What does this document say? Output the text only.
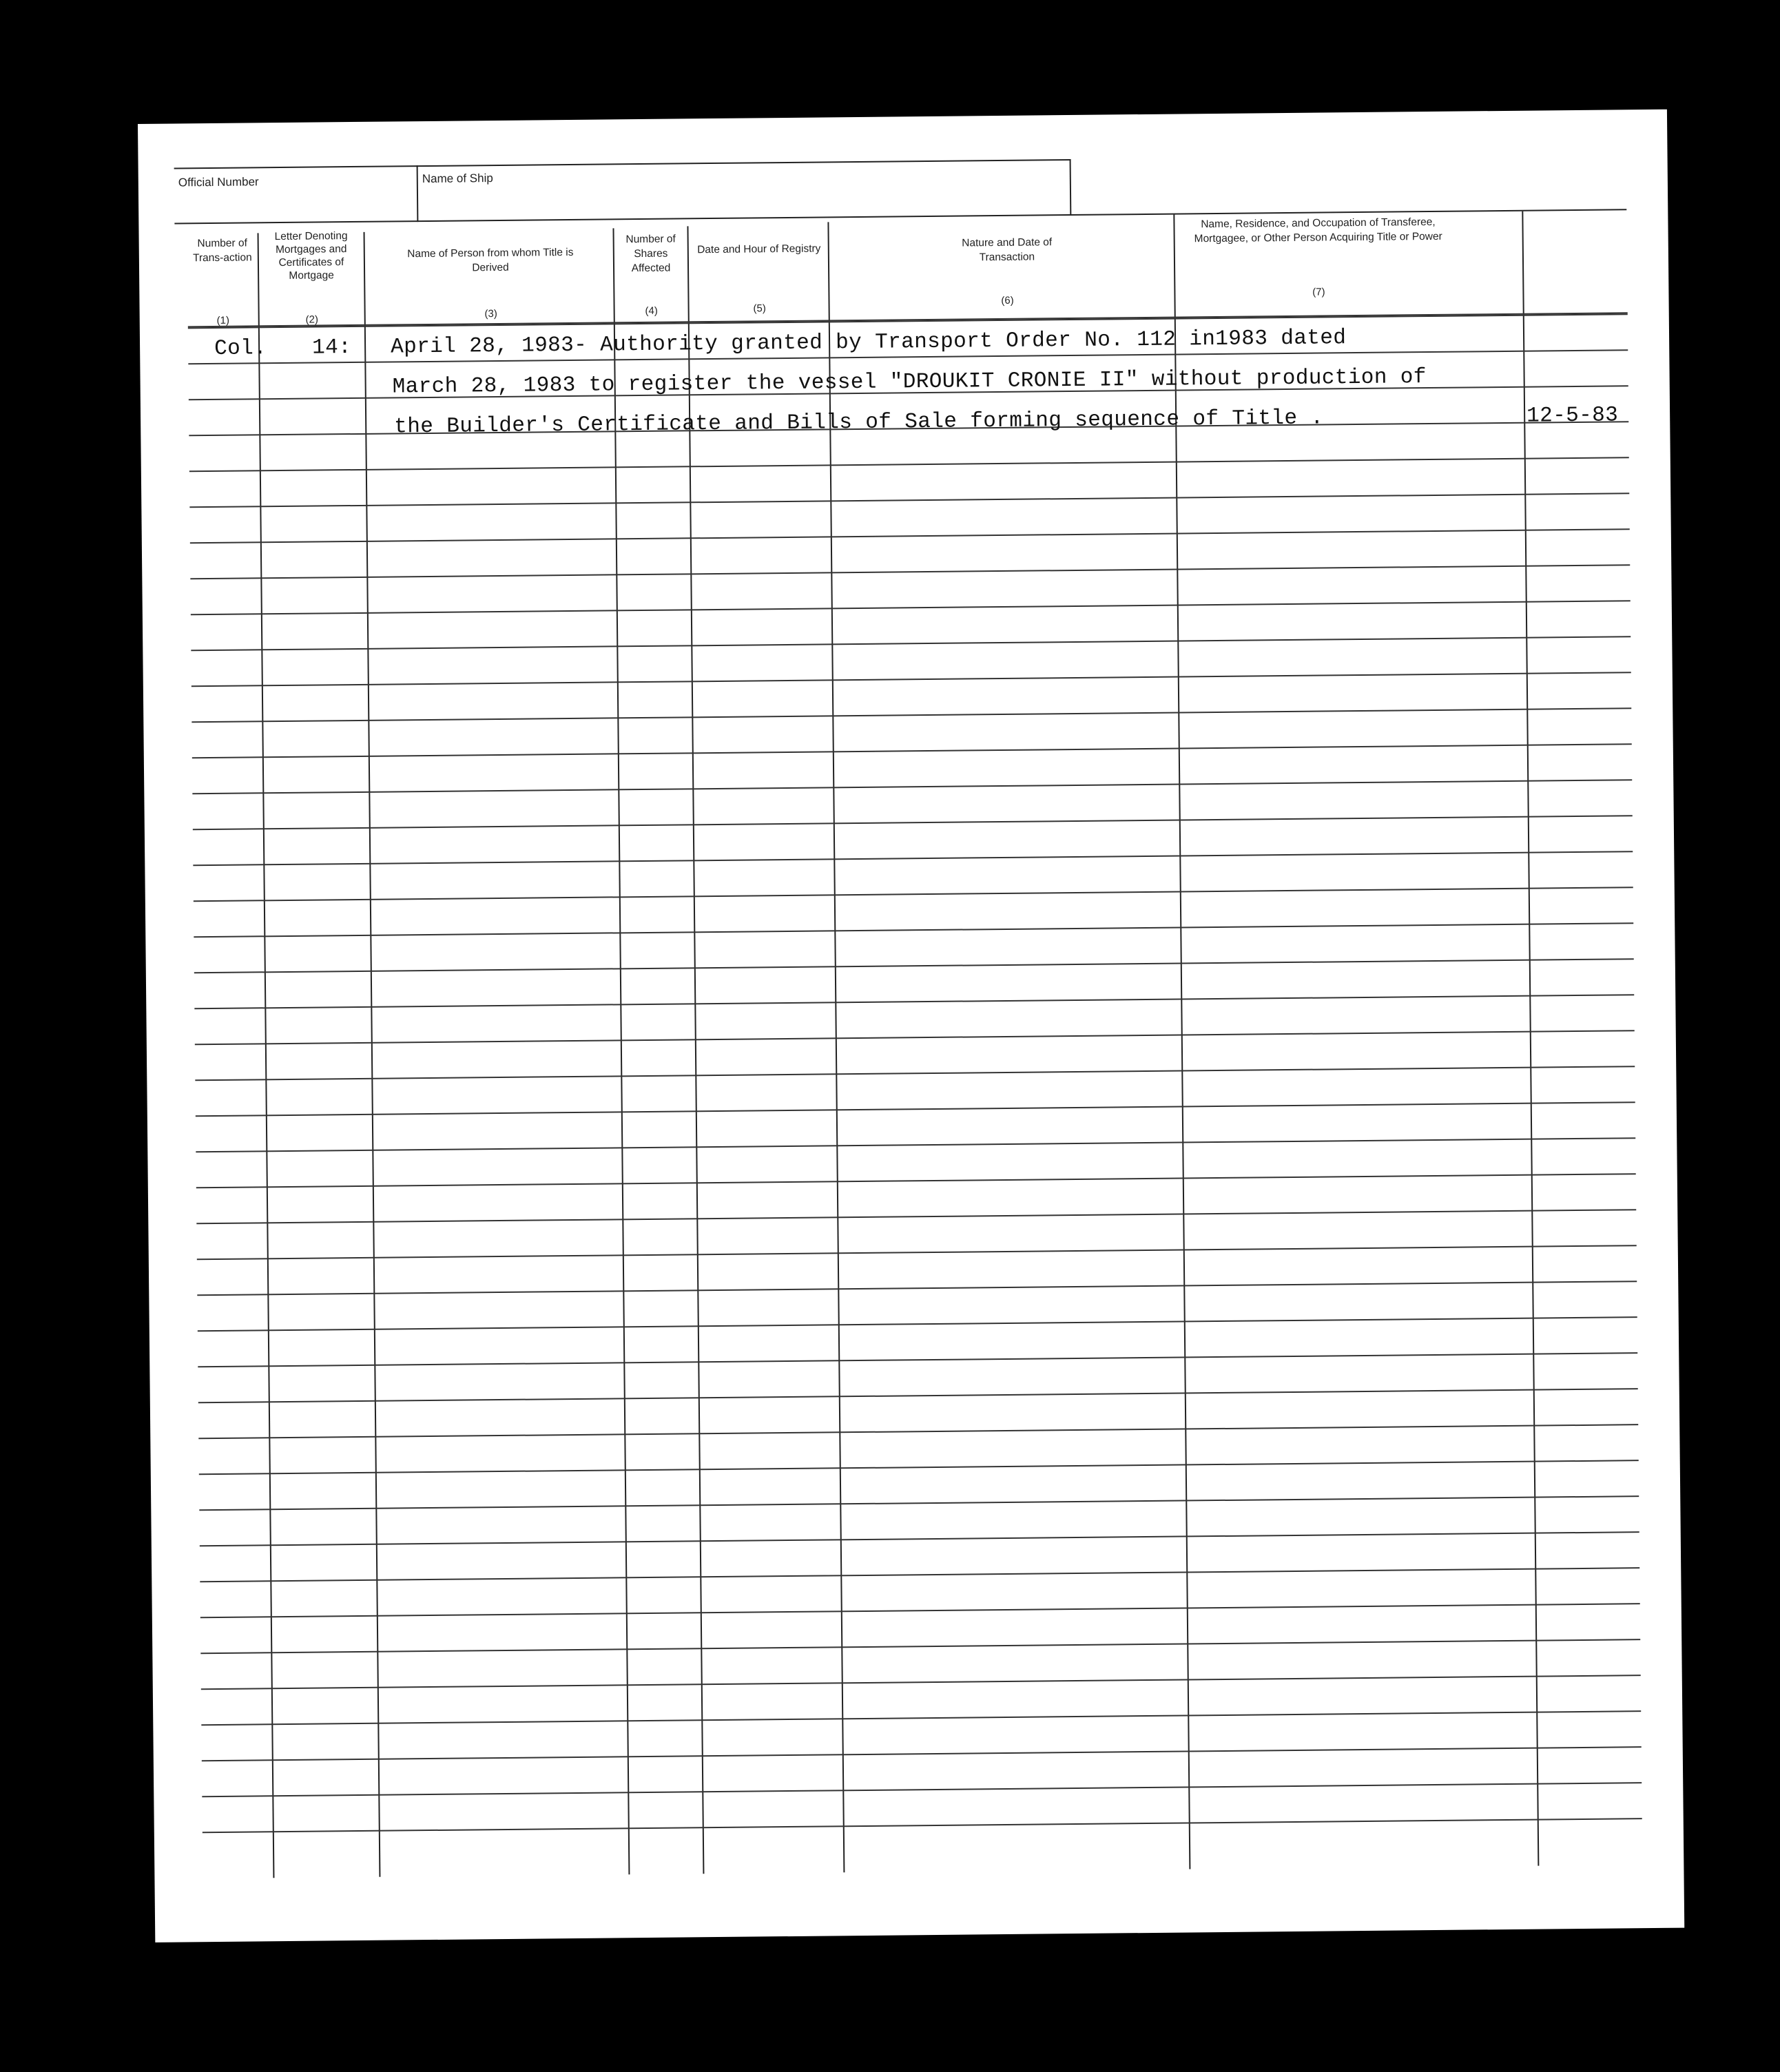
Official Number	Name of Ship
Number of Trans-action
(1)
Letter Denoting Mortgages and Certificates of Mortgage
(2)
Name of Person from whom Title is Derived
(3)
Number of Shares Affected
(4)
Date and Hour of Registry
(5)
Nature and Date of Transaction
(6)
Name, Residence, and Occupation of Transferee, Mortgagee, or Other Person Acquiring Title or Power
(7)
Col. 14: April 28, 1983- Authority granted by Transport Order No. 112 in1983 dated
March 28, 1983 to register the vessel "DROUKIT CRONIE II" without production of
the Builder's Certificate and Bills of Sale forming sequence of Title .	12-5-83
